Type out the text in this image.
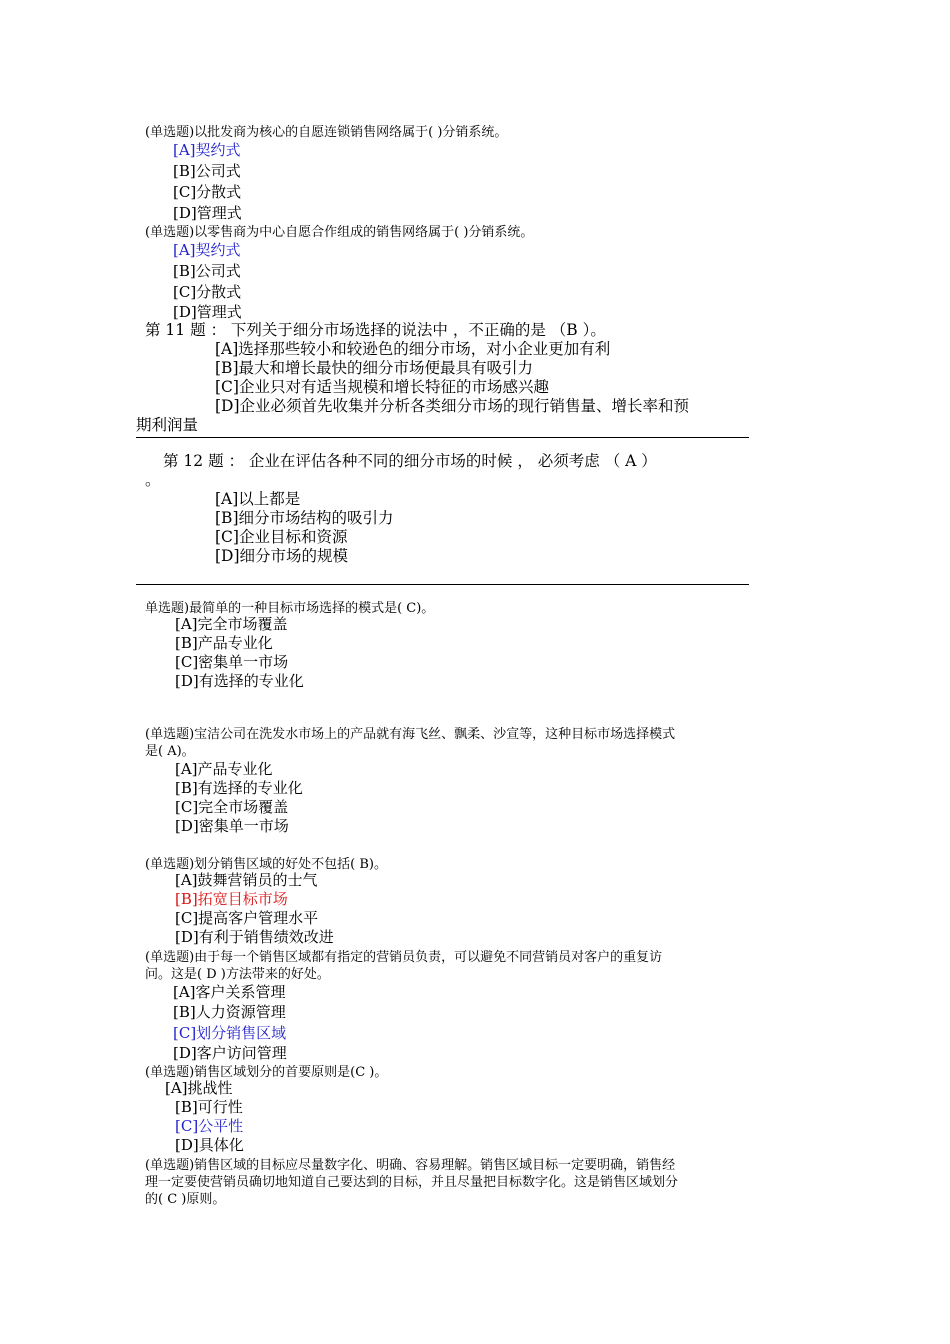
(单选题)以批发商为核心的自愿连锁销售网络属于( )分销系统。
[A]契约式
[B]公司式
[C]分散式
[D]管理式
(单选题)以零售商为中心自愿合作组成的销售网络属于( )分销系统。
[A]契约式
[B]公司式
[C]分散式
[D]管理式
第 11 题 ： 下列关于细分市场选择的说法中 ，不正确的是 （B ）。
[A]选择那些较小和较逊色的细分市场，对小企业更加有利
[B]最大和增长最快的细分市场便最具有吸引力
[C]企业只对有适当规模和增长特征的市场感兴趣
[D]企业必须首先收集并分析各类细分市场的现行销售量、增长率和预
期利润量
第 12 题 ： 企业在评估各种不同的细分市场的时候 ， 必须考虑 （ A ）
。
[A]以上都是
[B]细分市场结构的吸引力
[C]企业目标和资源
[D]细分市场的规模
单选题)最简单的一种目标市场选择的模式是( C)。
[A]完全市场覆盖
[B]产品专业化
[C]密集单一市场
[D]有选择的专业化
(单选题)宝洁公司在洗发水市场上的产品就有海飞丝、飘柔、沙宣等，这种目标市场选择模式
是( A)。
[A]产品专业化
[B]有选择的专业化
[C]完全市场覆盖
[D]密集单一市场
(单选题)划分销售区域的好处不包括( B)。
[A]鼓舞营销员的士气
[B]拓宽目标市场
[C]提高客户管理水平
[D]有利于销售绩效改进
(单选题)由于每一个销售区域都有指定的营销员负责，可以避免不同营销员对客户的重复访
问。这是( D )方法带来的好处。
[A]客户关系管理
[B]人力资源管理
[C]划分销售区域
[D]客户访问管理
(单选题)销售区域划分的首要原则是(C )。
[A]挑战性
[B]可行性
[C]公平性
[D]具体化
(单选题)销售区域的目标应尽量数字化、明确、容易理解。销售区域目标一定要明确，销售经
理一定要使营销员确切地知道自己要达到的目标，并且尽量把目标数字化。这是销售区域划分
的( C )原则。
